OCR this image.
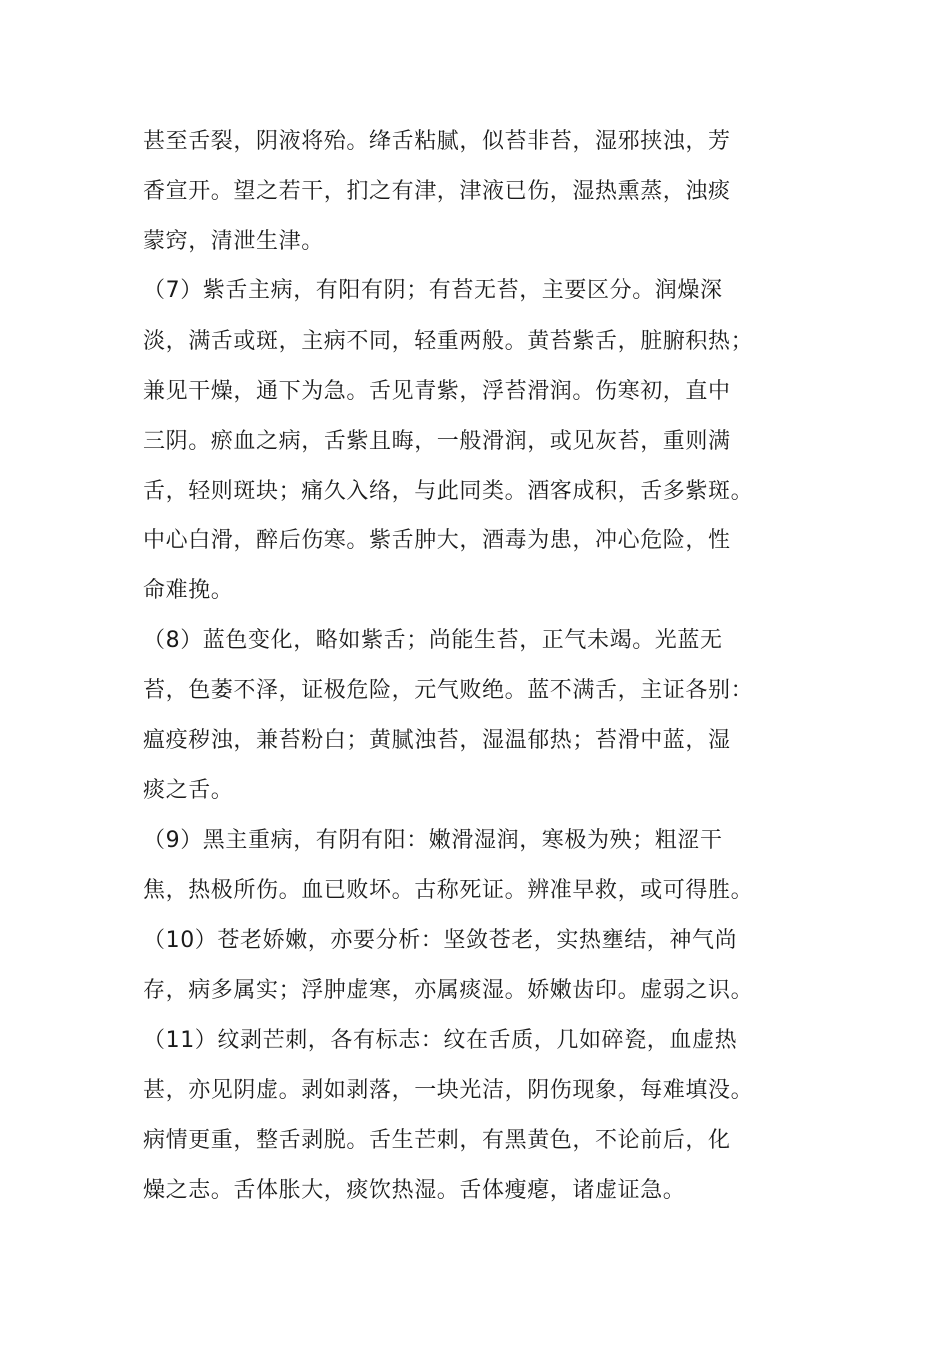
甚至舌裂，阴液将殆。绛舌粘腻，似苔非苔，湿邪挟浊，芳
香宣开。望之若干，扪之有津，津液已伤，湿热熏蒸，浊痰
蒙窍，清泄生津。
（7）紫舌主病，有阳有阴；有苔无苔，主要区分。润燥深
淡，满舌或斑，主病不同，轻重两般。黄苔紫舌，脏腑积热；
兼见干燥，通下为急。舌见青紫，浮苔滑润。伤寒初，直中
三阴。瘀血之病，舌紫且晦，一般滑润，或见灰苔，重则满
舌，轻则斑块；痛久入络，与此同类。酒客成积，舌多紫斑。
中心白滑，醉后伤寒。紫舌肿大，酒毒为患，冲心危险，性
命难挽。
（8）蓝色变化，略如紫舌；尚能生苔，正气未竭。光蓝无
苔，色萎不泽，证极危险，元气败绝。蓝不满舌，主证各别：
瘟疫秽浊，兼苔粉白；黄腻浊苔，湿温郁热；苔滑中蓝，湿
痰之舌。
（9）黑主重病，有阴有阳：嫩滑湿润，寒极为殃；粗涩干
焦，热极所伤。血已败坏。古称死证。辨准早救，或可得胜。
（10）苍老娇嫩，亦要分析：坚敛苍老，实热壅结，神气尚
存，病多属实；浮肿虚寒，亦属痰湿。娇嫩齿印。虚弱之识。
（11）纹剥芒刺，各有标志：纹在舌质，几如碎瓷，血虚热
甚，亦见阴虚。剥如剥落，一块光洁，阴伤现象，每难填没。
病情更重，整舌剥脱。舌生芒刺，有黑黄色，不论前后，化
燥之志。舌体胀大，痰饮热湿。舌体瘦瘪，诸虚证急。
